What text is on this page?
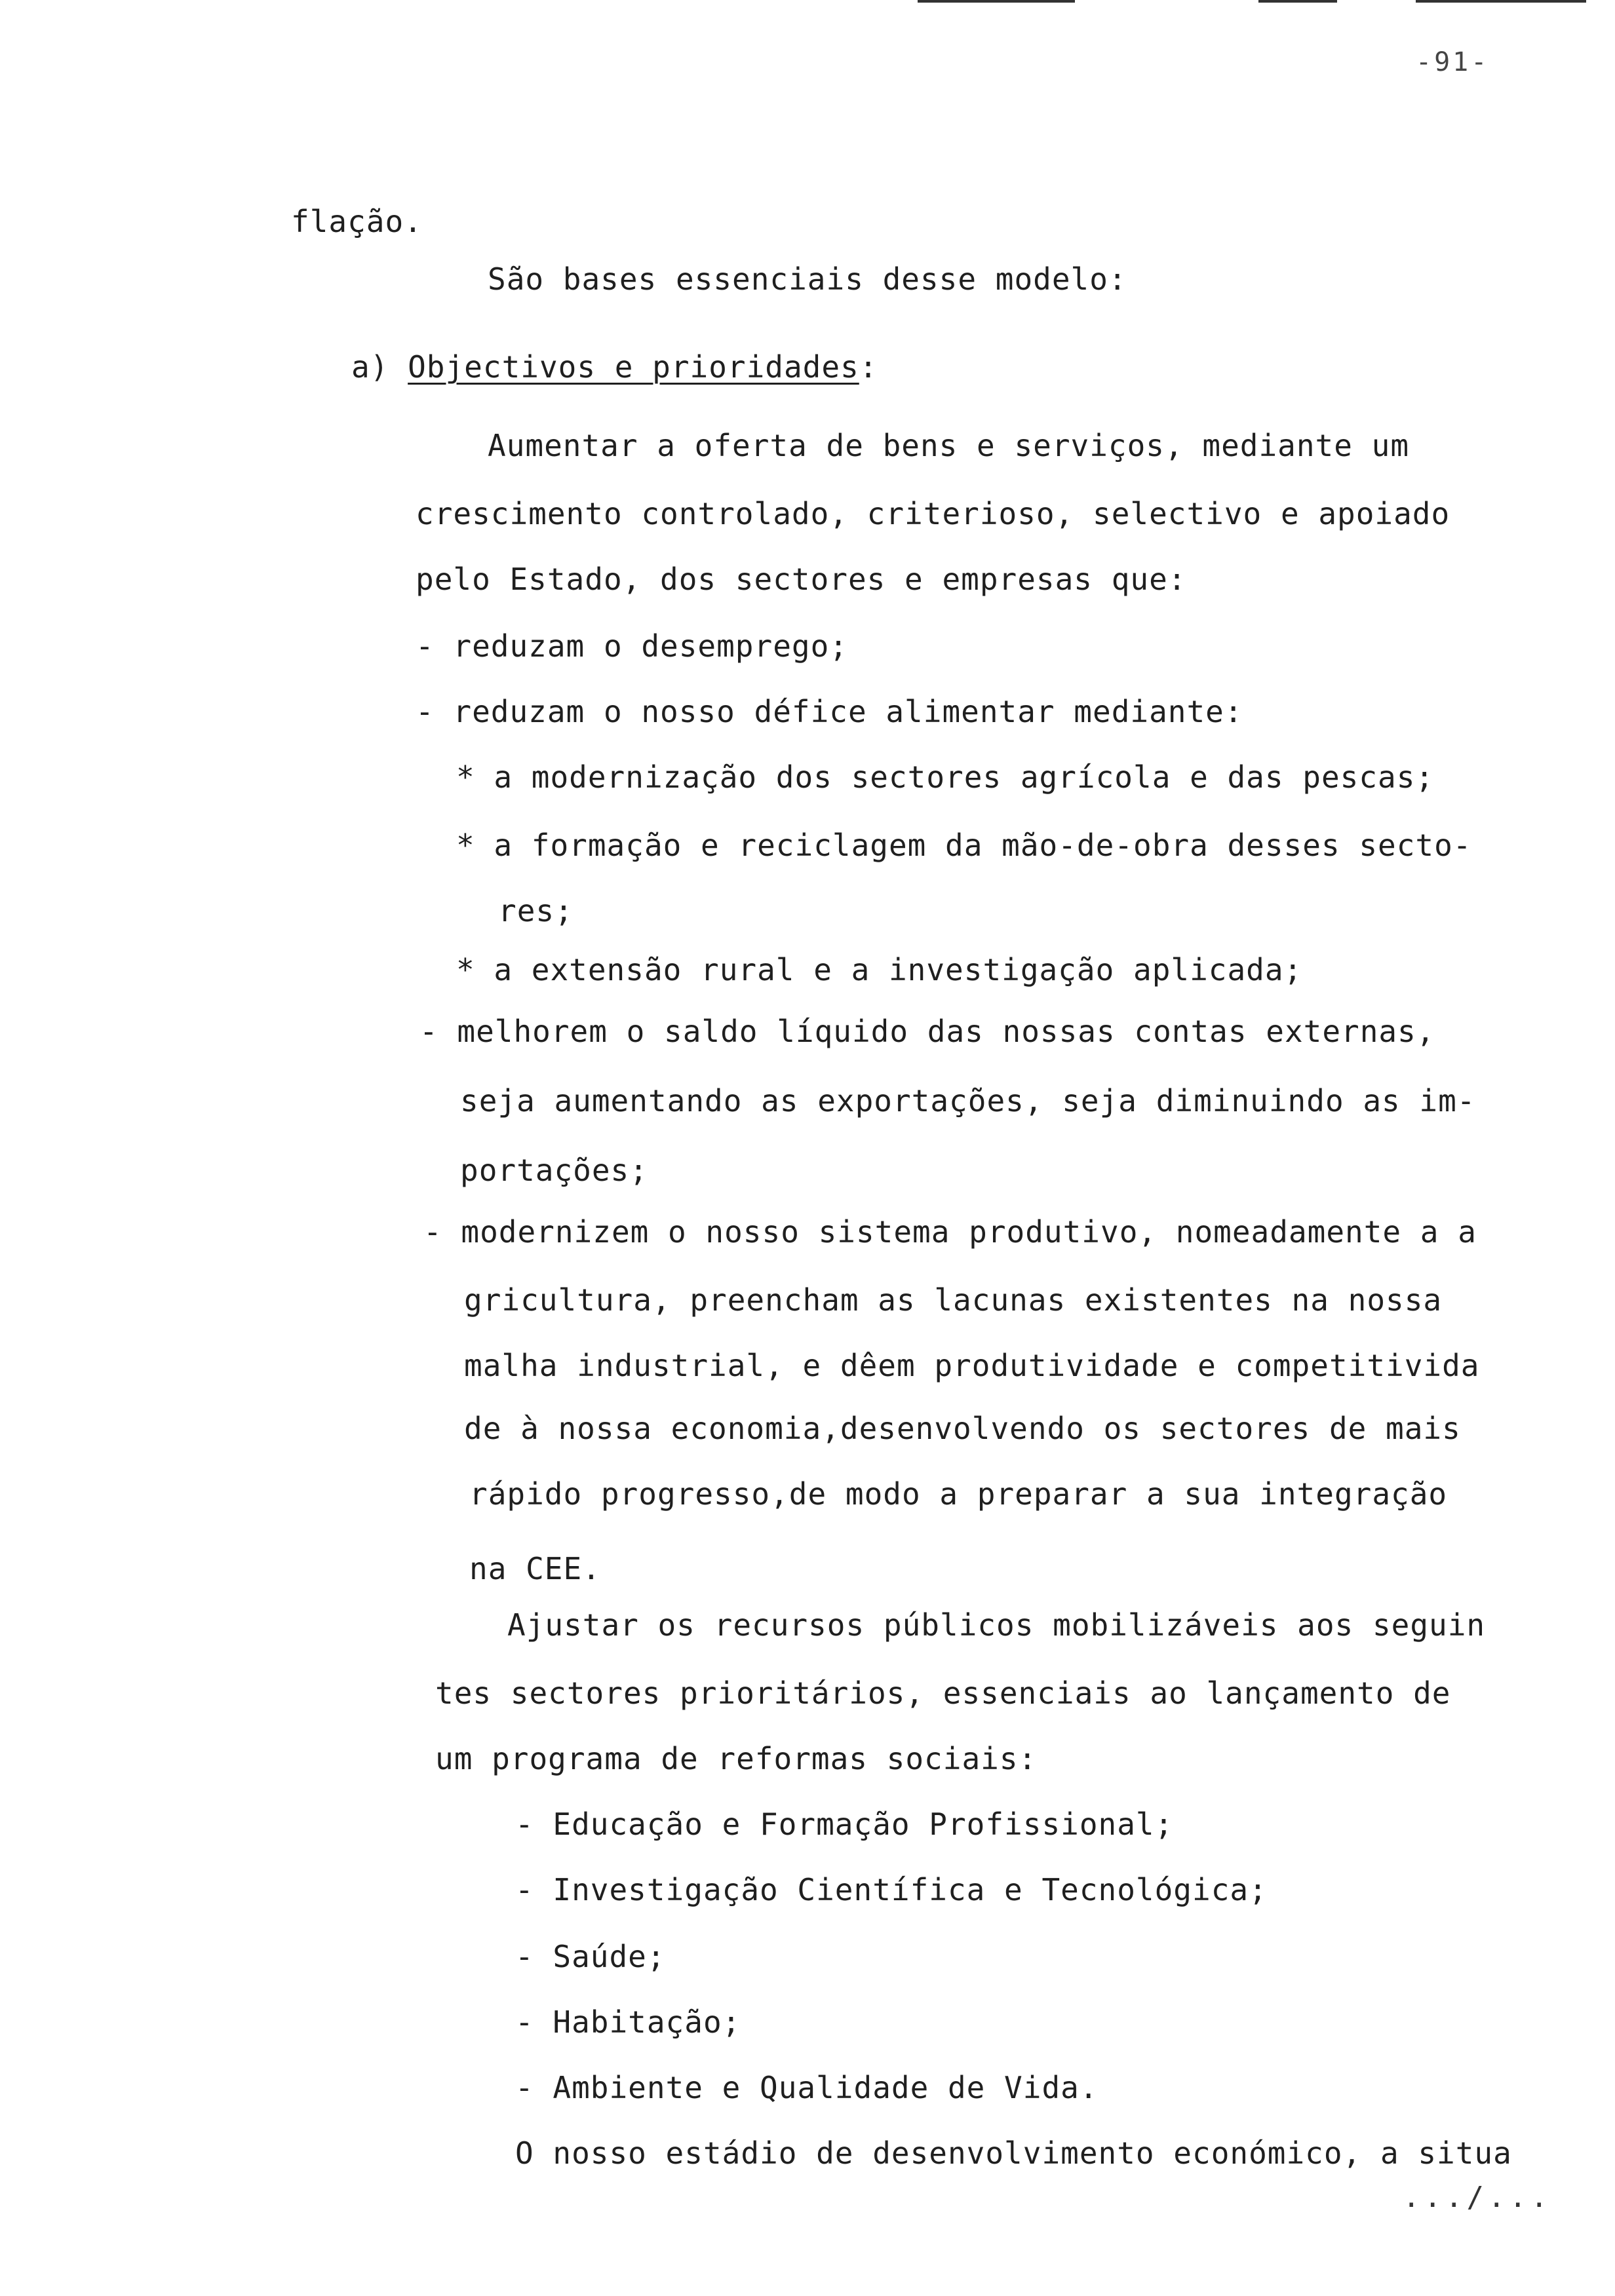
-91-
flação.
São bases essenciais desse modelo:
a) Objectivos e prioridades:
Aumentar a oferta de bens e serviços, mediante um
crescimento controlado, criterioso, selectivo e apoiado
pelo Estado, dos sectores e empresas que:
- reduzam o desemprego;
- reduzam o nosso défice alimentar mediante:
* a modernização dos sectores agrícola e das pescas;
* a formação e reciclagem da mão-de-obra desses secto-
res;
* a extensão rural e a investigação aplicada;
- melhorem o saldo líquido das nossas contas externas,
seja aumentando as exportações, seja diminuindo as im-
portações;
- modernizem o nosso sistema produtivo, nomeadamente a a
gricultura, preencham as lacunas existentes na nossa
malha industrial, e dêem produtividade e competitivida
de à nossa economia,desenvolvendo os sectores de mais
rápido progresso,de modo a preparar a sua integração
na CEE.
Ajustar os recursos públicos mobilizáveis aos seguin
tes sectores prioritários, essenciais ao lançamento de
um programa de reformas sociais:
- Educação e Formação Profissional;
- Investigação Científica e Tecnológica;
- Saúde;
- Habitação;
- Ambiente e Qualidade de Vida.
O nosso estádio de desenvolvimento económico, a situa
.../...
